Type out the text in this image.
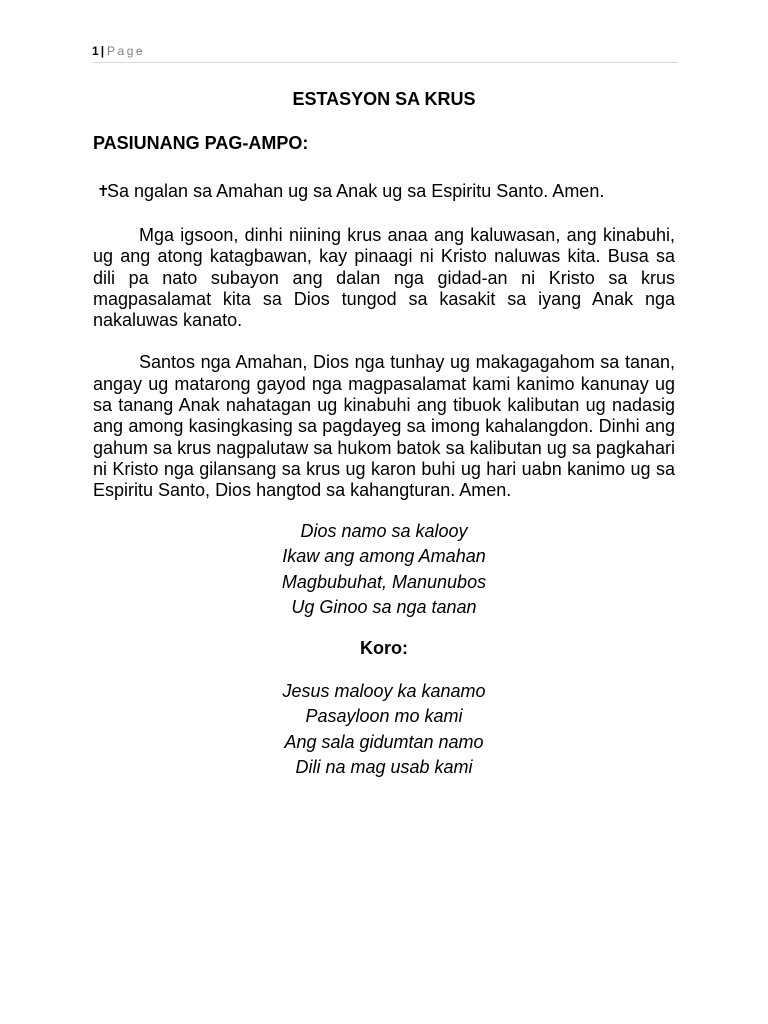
1 | Page
ESTASYON SA KRUS
PASIUNANG PAG-AMPO:

✝Sa ngalan sa Amahan ug sa Anak ug sa Espiritu Santo. Amen.

Mga igsoon, dinhi niining krus anaa ang kaluwasan, ang kinabuhi, ug ang atong katagbawan, kay pinaagi ni Kristo naluwas kita. Busa sa dili pa nato subayon ang dalan nga gidad-an ni Kristo sa krus magpasalamat kita sa Dios tungod sa kasakit sa iyang Anak nga nakaluwas kanato.

Santos nga Amahan, Dios nga tunhay ug makagagahom sa tanan, angay ug matarong gayod nga magpasalamat kami kanimo kanunay ug sa tanang Anak nahatagan ug kinabuhi ang tibuok kalibutan ug nadasig ang among kasingkasing sa pagdayeg sa imong kahalangdon. Dinhi ang gahum sa krus nagpalutaw sa hukom batok sa kalibutan ug sa pagkahari ni Kristo nga gilansang sa krus ug karon buhi ug hari uabn kanimo ug sa Espiritu Santo, Dios hangtod sa kahangturan. Amen.

Dios namo sa kalooy
Ikaw ang among Amahan
Magbubuhat, Manunubos
Ug Ginoo sa nga tanan
Koro:
Jesus malooy ka kanamo
Pasayloon mo kami
Ang sala gidumtan namo
Dili na mag usab kami
